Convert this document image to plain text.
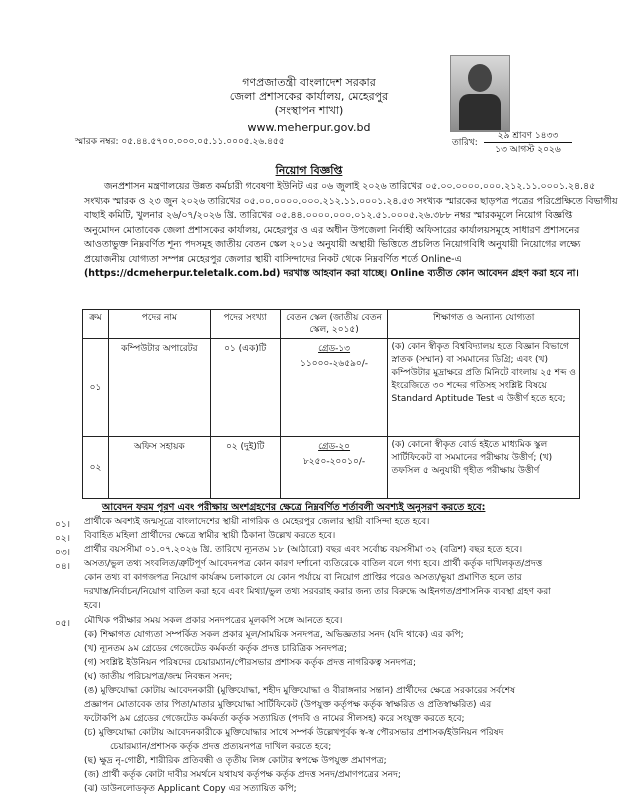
গণপ্রজাতন্ত্রী বাংলাদেশ সরকার
জেলা প্রশাসকের কার্যালয়, মেহেরপুর
(সংস্থাপন শাখা)
www.meherpur.gov.bd
স্মারক নম্বর: ০৫.৪৪.৫৭০০.০০০.০৫.১১.০০০৫.২৬.৪৫৫	তারিখ:
২৯ শ্রাবণ ১৪৩৩
১৩ আগস্ট ২০২৬
নিয়োগ বিজ্ঞপ্তি
জনপ্রশাসন মন্ত্রণালয়ের উন্নত কর্মচারী গবেষণা ইউনিট এর ০৬ জুলাই ২০২৬ তারিখের ০৫.০০.০০০০.০০০.২১২.১১.০০০১.২৪.৪৫
সংখ্যক স্মারক ও ২৩ জুন ২০২৬ তারিখের ০৫.০০.০০০০.০০০.২১২.১১.০০০১.২৪.৫৩ সংখ্যক স্মারকের ছাড়পত্র পত্রের পরিপ্রেক্ষিতে বিভাগীয়
বাছাই কমিটি, খুলনার ২৬/০৭/২০২৬ খ্রি. তারিখের ০৫.৪৪.০০০০.০০০.০১২.৫১.০০০৫.২৬.৩৮৮ নম্বর স্মারকমূলে নিয়োগ বিজ্ঞপ্তি
অনুমোদন মোতাবেক জেলা প্রশাসকের কার্যালয়, মেহেরপুর ও এর অধীন উপজেলা নির্বাহী অফিসারের কার্যালয়সমূহে সাধারণ প্রশাসনের
আওতাভুক্ত নিম্নবর্ণিত শূন্য পদসমূহ জাতীয় বেতন স্কেল ২০১৫ অনুযায়ী অস্থায়ী ভিত্তিতে প্রচলিত নিয়োগবিধি অনুযায়ী নিয়োগের লক্ষ্যে
প্রয়োজনীয় যোগ্যতা সম্পন্ন মেহেরপুর জেলার স্থায়ী বাসিন্দাদের নিকট থেকে নিম্নবর্ণিত শর্তে Online-এ
(https://dcmeherpur.teletalk.com.bd) দরখাস্ত আহবান করা যাচ্ছে। Online ব্যতীত কোন আবেদন গ্রহণ করা হবে না।
ক্রম	পদের নাম	পদের সংখ্যা	বেতন স্কেল (জাতীয় বেতন স্কেল, ২০১৫)	শিক্ষাগত ও অন্যান্য যোগ্যতা
০১	কম্পিউটার অপারেটর	০১ (এক)টি	গ্রেড-১৩
১১০০০-২৬৫৯০/-	(ক) কোন স্বীকৃত বিশ্ববিদ্যালয় হতে বিজ্ঞান বিভাগে স্নাতক (সম্মান) বা সমমানের ডিগ্রি; এবং (খ) কম্পিউটার মুদ্রাক্ষরে প্রতি মিনিটে বাংলায় ২৫ শব্দ ও ইংরেজিতে ৩০ শব্দের গতিসহ সংশ্লিষ্ট বিষয়ে Standard Aptitude Test এ উত্তীর্ণ হতে হবে;
০২	অফিস সহায়ক	০২ (দুই)টি	গ্রেড-২০
৮২৫০-২০০১০/-	(ক) কোনো স্বীকৃত বোর্ড হইতে মাধ্যমিক স্কুল সার্টিফিকেট বা সমমানের পরীক্ষায় উত্তীর্ণ; (খ) তফসিল ৫ অনুযায়ী গৃহীত পরীক্ষায় উত্তীর্ণ
আবেদন ফরম পূরণ এবং পরীক্ষায় অংশগ্রহণের ক্ষেত্রে নিম্নবর্ণিত শর্তাবলী অবশ্যই অনুসরণ করতে হবে:
০১। প্রার্থীকে অবশ্যই জন্মসূত্রে বাংলাদেশের স্থায়ী নাগরিক ও মেহেরপুর জেলার স্থায়ী বাসিন্দা হতে হবে।
০২। বিবাহিত মহিলা প্রার্থীদের ক্ষেত্রে স্বামীর স্থায়ী ঠিকানা উল্লেখ করতে হবে।
০৩। প্রার্থীর বয়সসীমা ০১.০৭.২০২৬ খ্রি. তারিখে ন্যূনতম ১৮ (আঠারো) বছর এবং সর্বোচ্চ বয়সসীমা ৩২ (বত্রিশ) বছর হতে হবে।
০৪। অসত্য/ভুল তথ্য সংবলিত/ত্রুটিপূর্ণ আবেদনপত্র কোন কারণ দর্শানো ব্যতিরেকে বাতিল বলে গণ্য হবে। প্রার্থী কর্তৃক দাখিলকৃত/প্রদত্ত
কোন তথ্য বা কাগজপত্র নিয়োগ কার্যক্রম চলাকালে যে কোন পর্যায়ে বা নিয়োগ প্রাপ্তির পরেও অসত্য/ভুয়া প্রমাণিত হলে তার
দরখাস্ত/নির্বাচন/নিয়োগ বাতিল করা হবে এবং মিথ্যা/ভুল তথ্য সরবরাহ করার জন্য তার বিরুদ্ধে আইনগত/প্রশাসনিক ব্যবস্থা গ্রহণ করা
হবে।
০৫। মৌখিক পরীক্ষার সময় সকল প্রকার সনদপত্রের মূলকপি সঙ্গে আনতে হবে।
(ক) শিক্ষাগত যোগ্যতা সম্পর্কিত সকল প্রকার মূল/সাময়িক সনদপত্র, অভিজ্ঞতার সনদ (যদি থাকে) এর কপি;
(খ) ন্যূনতম ৯ম গ্রেডের গেজেটেড কর্মকর্তা কর্তৃক প্রদত্ত চারিত্রিক সনদপত্র;
(গ) সংশ্লিষ্ট ইউনিয়ন পরিষদের চেয়ারম্যান/পৌরসভার প্রশাসক কর্তৃক প্রদত্ত নাগরিকত্ব সনদপত্র;
(ঘ) জাতীয় পরিচয়পত্র/জন্ম নিবন্ধন সনদ;
(ঙ) মুক্তিযোদ্ধা কোটায় আবেদনকারী (মুক্তিযোদ্ধা, শহীদ মুক্তিযোদ্ধা ও বীরাঙ্গনার সন্তান) প্রার্থীদের ক্ষেত্রে সরকারের সর্বশেষ
প্রজ্ঞাপন মোতাবেক তার পিতা/মাতার মুক্তিযোদ্ধা সার্টিফিকেট (উপযুক্ত কর্তৃপক্ষ কর্তৃক স্বাক্ষরিত ও প্রতিস্বাক্ষরিত) এর
ফটোকপি ৯ম গ্রেডের গেজেটেড কর্মকর্তা কর্তৃক সত্যায়িত (পদবি ও নামের সীলসহ) করে সংযুক্ত করতে হবে;
(চ) মুক্তিযোদ্ধা কোটায় আবেদনকারীকে মুক্তিযোদ্ধার সাথে সম্পর্ক উল্লেখপূর্বক স্ব-স্ব পৌরসভার প্রশাসক/ইউনিয়ন পরিষদ
চেয়ারম্যান/প্রশাসক কর্তৃক প্রদত্ত প্রত্যয়নপত্র দাখিল করতে হবে;
(ছ) ক্ষুদ্র নৃ-গোষ্ঠী, শারীরিক প্রতিবন্ধী ও তৃতীয় লিঙ্গ কোটার স্বপক্ষে উপযুক্ত প্রমাণপত্র;
(জ) প্রার্থী কর্তৃক কোটা দাবীর সমর্থনে যথাযথ কর্তৃপক্ষ কর্তৃক প্রদত্ত সনদ/প্রমাণপত্রের সনদ;
(ঝ) ডাউনলোডকৃত Applicant Copy এর সত্যায়িত কপি;
